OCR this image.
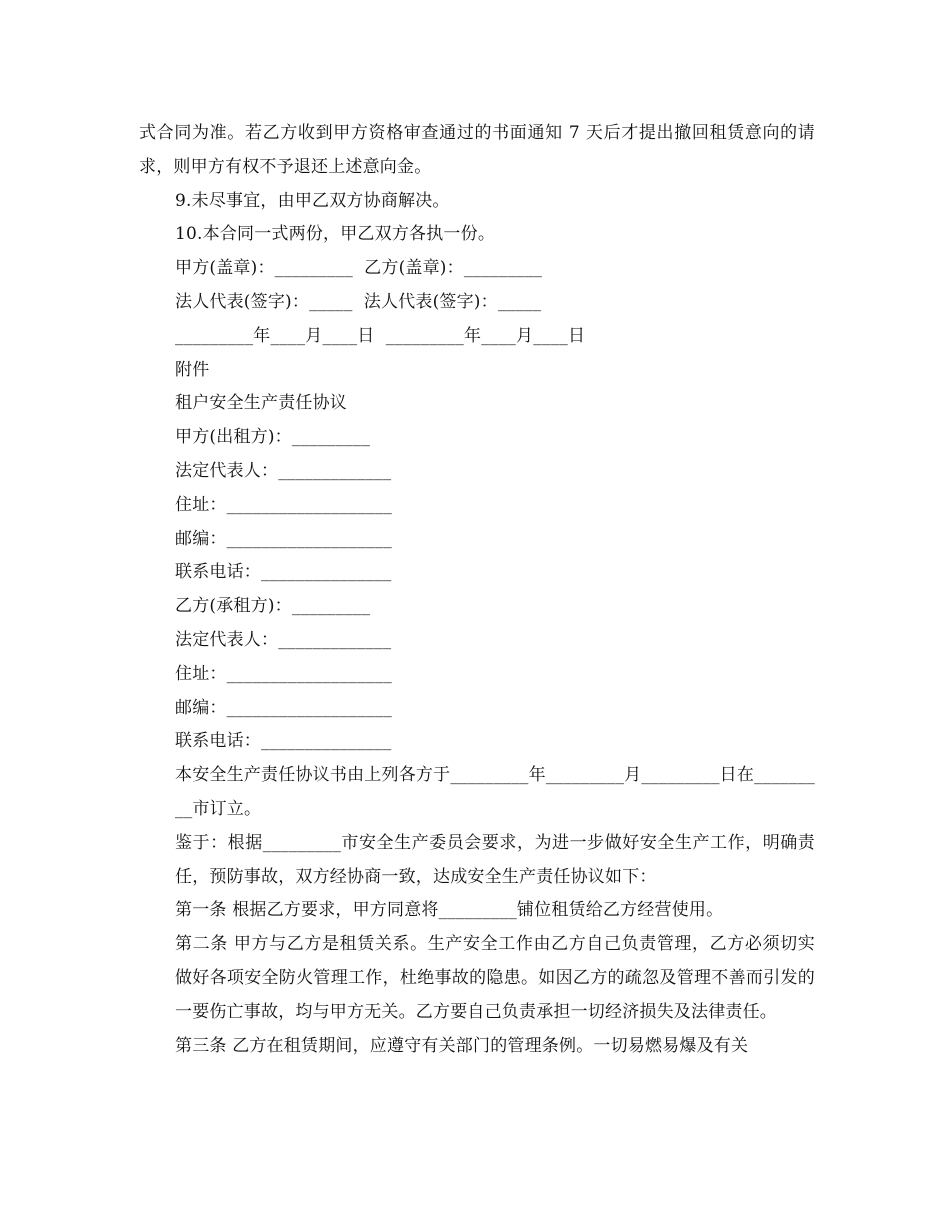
式合同为准。若乙方收到甲方资格审查通过的书面通知 7 天后才提出撤回租赁意向的请求，则甲方有权不予退还上述意向金。

9.未尽事宜，由甲乙双方协商解决。

10.本合同一式两份，甲乙双方各执一份。

甲方(盖章)：_________  乙方(盖章)：_________

法人代表(签字)：_____  法人代表(签字)：_____

_________年____月____日  _________年____月____日

附件

租户安全生产责任协议

甲方(出租方)：_________

法定代表人：_____________

住址：___________________

邮编：___________________

联系电话：_______________

乙方(承租方)：_________

法定代表人：_____________

住址：___________________

邮编：___________________

联系电话：_______________

本安全生产责任协议书由上列各方于_________年_________月_________日在_________市订立。

鉴于：根据_________市安全生产委员会要求，为进一步做好安全生产工作，明确责任，预防事故，双方经协商一致，达成安全生产责任协议如下：

第一条 根据乙方要求，甲方同意将_________铺位租赁给乙方经营使用。

第二条 甲方与乙方是租赁关系。生产安全工作由乙方自己负责管理，乙方必须切实做好各项安全防火管理工作，杜绝事故的隐患。如因乙方的疏忽及管理不善而引发的一要伤亡事故，均与甲方无关。乙方要自己负责承担一切经济损失及法律责任。

第三条 乙方在租赁期间，应遵守有关部门的管理条例。一切易燃易爆及有关
